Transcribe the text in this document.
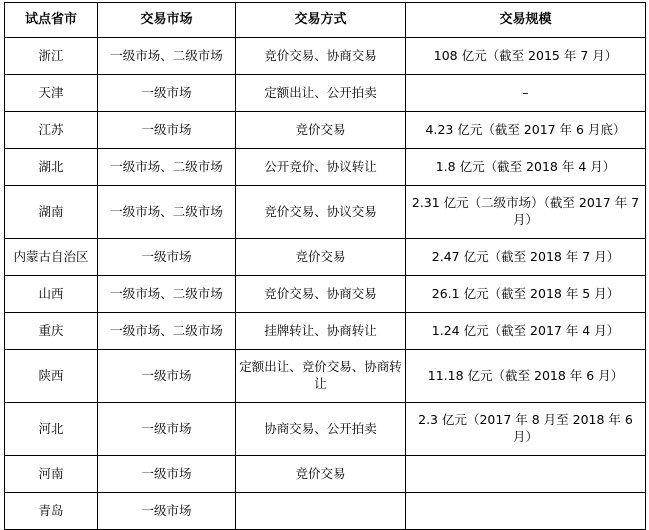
试点省市	交易市场	交易方式	交易规模
浙江	一级市场、二级市场	竞价交易、协商交易	108 亿元（截至 2015 年 7 月）
天津	一级市场	定额出让、公开拍卖	–
江苏	一级市场	竞价交易	4.23 亿元（截至 2017 年 6 月底）
湖北	一级市场、二级市场	公开竞价、协议转让	1.8 亿元（截至 2018 年 4 月）
湖南	一级市场、二级市场	竞价交易、协议交易	2.31 亿元（二级市场）（截至 2017 年 7 月）
内蒙古自治区	一级市场	竞价交易	2.47 亿元（截至 2018 年 7 月）
山西	一级市场、二级市场	竞价交易、协商交易	26.1 亿元（截至 2018 年 5 月）
重庆	一级市场、二级市场	挂牌转让、协商转让	1.24 亿元（截至 2017 年 4 月）
陕西	一级市场	定额出让、竞价交易、协商转让	11.18 亿元（截至 2018 年 6 月）
河北	一级市场	协商交易、公开拍卖	2.3 亿元（2017 年 8 月至 2018 年 6 月）
河南	一级市场	竞价交易	
青岛	一级市场		
